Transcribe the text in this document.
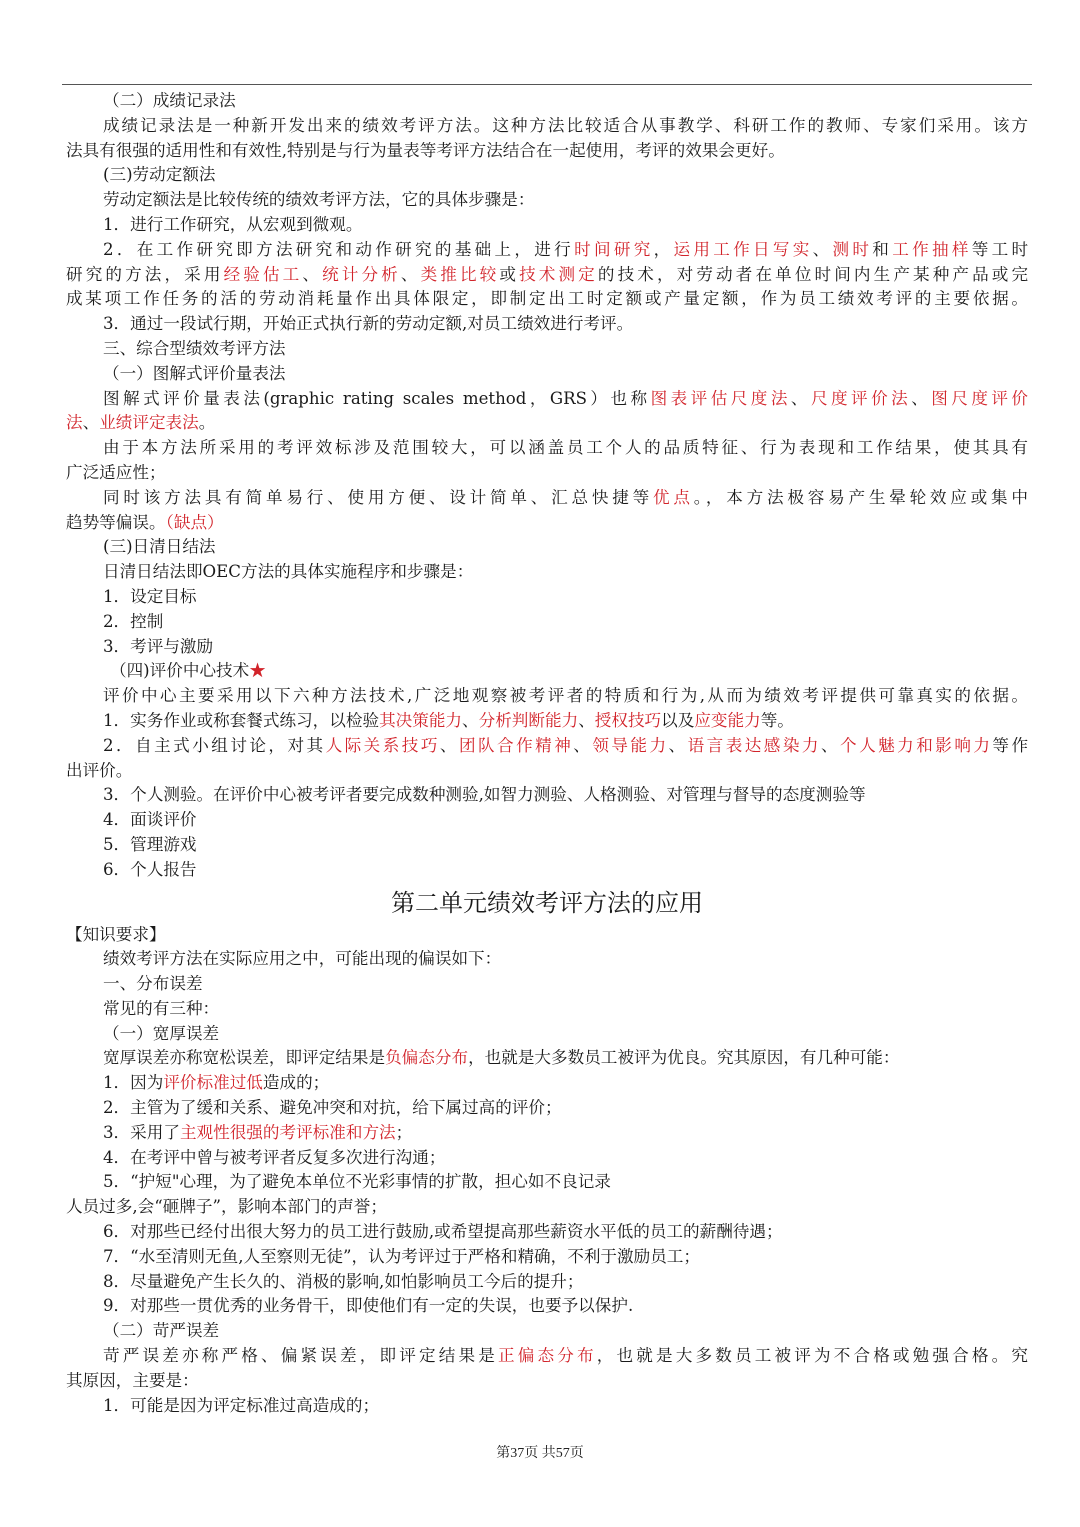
（二）成绩记录法
成绩记录法是一种新开发出来的绩效考评方法。这种方法比较适合从事教学、科研工作的教师、专家们采用。该方
法具有很强的适用性和有效性,特别是与行为量表等考评方法结合在一起使用，考评的效果会更好。
(三)劳动定额法
劳动定额法是比较传统的绩效考评方法，它的具体步骤是：
1．进行工作研究，从宏观到微观。
2．在工作研究即方法研究和动作研究的基础上，进行时间研究，运用工作日写实、测时和工作抽样等工时
研究的方法，采用经验估工、统计分析、类推比较或技术测定的技术，对劳动者在单位时间内生产某种产品或完
成某项工作任务的活的劳动消耗量作出具体限定，即制定出工时定额或产量定额，作为员工绩效考评的主要依据。
3．通过一段试行期，开始正式执行新的劳动定额,对员工绩效进行考评。
三、综合型绩效考评方法
（一）图解式评价量表法
图解式评价量表法(graphic rating scales method，GRS）也称图表评估尺度法、尺度评价法、图尺度评价
法、业绩评定表法。
由于本方法所采用的考评效标涉及范围较大，可以涵盖员工个人的品质特征、行为表现和工作结果，使其具有
广泛适应性；
同时该方法具有简单易行、使用方便、设计简单、汇总快捷等优点。，本方法极容易产生晕轮效应或集中
趋势等偏误。（缺点）
(三)日清日结法
日清日结法即OEC方法的具体实施程序和步骤是：
1．设定目标
2．控制
3．考评与激励
（四)评价中心技术★
评价中心主要采用以下六种方法技术,广泛地观察被考评者的特质和行为,从而为绩效考评提供可靠真实的依据。
1．实务作业或称套餐式练习，以检验其决策能力、分析判断能力、授权技巧以及应变能力等。
2．自主式小组讨论，对其人际关系技巧、团队合作精神、领导能力、语言表达感染力、个人魅力和影响力等作
出评价。
3．个人测验。在评价中心被考评者要完成数种测验,如智力测验、人格测验、对管理与督导的态度测验等
4．面谈评价
5．管理游戏
6．个人报告
第二单元绩效考评方法的应用
【知识要求】
绩效考评方法在实际应用之中，可能出现的偏误如下：
一、分布误差
常见的有三种：
（一）宽厚误差
宽厚误差亦称宽松误差，即评定结果是负偏态分布，也就是大多数员工被评为优良。究其原因，有几种可能：
1．因为评价标准过低造成的；
2．主管为了缓和关系、避免冲突和对抗，给下属过高的评价；
3．采用了主观性很强的考评标准和方法；
4．在考评中曾与被考评者反复多次进行沟通；
5．“护短"心理，为了避免本单位不光彩事情的扩散，担心如不良记录
人员过多,会“砸牌子”，影响本部门的声誉；
6．对那些已经付出很大努力的员工进行鼓励,或希望提高那些薪资水平低的员工的薪酬待遇；
7．“水至清则无鱼,人至察则无徒”，认为考评过于严格和精确，不利于激励员工；
8．尽量避免产生长久的、消极的影响,如怕影响员工今后的提升；
9．对那些一贯优秀的业务骨干，即使他们有一定的失误，也要予以保护.
（二）苛严误差
苛严误差亦称严格、偏紧误差，即评定结果是正偏态分布，也就是大多数员工被评为不合格或勉强合格。究
其原因，主要是：
1．可能是因为评定标准过高造成的；
第37页 共57页
